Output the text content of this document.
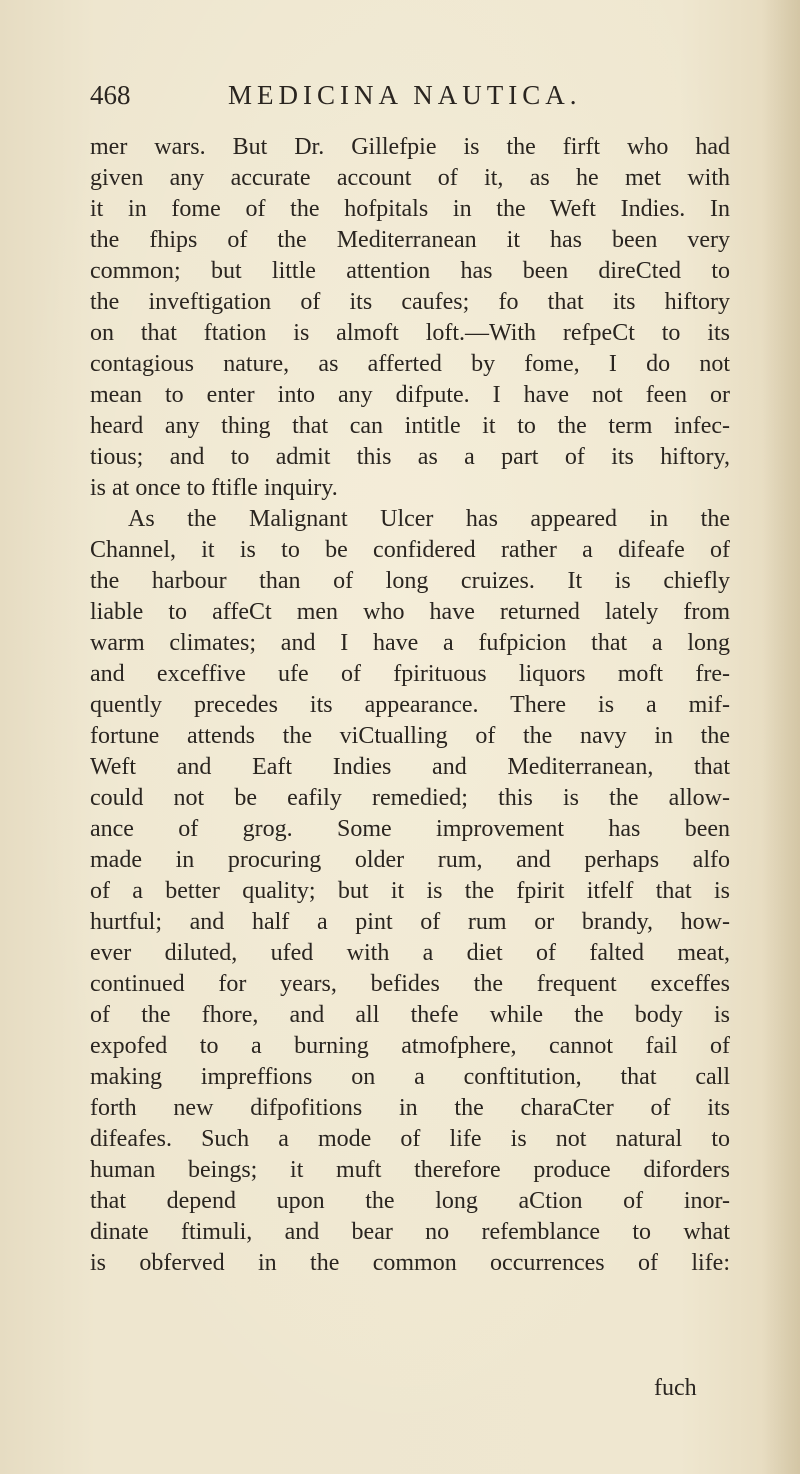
468	MEDICINA NAUTICA.
mer wars. But Dr. Gillefpie is the firft who had
given any accurate account of it, as he met with
it in fome of the hofpitals in the Weft Indies. In
the fhips of the Mediterranean it has been very
common; but little attention has been direCted to
the inveftigation of its caufes; fo that its hiftory
on that ftation is almoft loft.—With refpeCt to its
contagious nature, as afferted by fome, I do not
mean to enter into any difpute. I have not feen or
heard any thing that can intitle it to the term infec-
tious; and to admit this as a part of its hiftory,
is at once to ftifle inquiry.
As the Malignant Ulcer has appeared in the
Channel, it is to be confidered rather a difeafe of
the harbour than of long cruizes. It is chiefly
liable to affeCt men who have returned lately from
warm climates; and I have a fufpicion that a long
and exceffive ufe of fpirituous liquors moft fre-
quently precedes its appearance. There is a mif-
fortune attends the viCtualling of the navy in the
Weft and Eaft Indies and Mediterranean, that
could not be eafily remedied; this is the allow-
ance of grog. Some improvement has been
made in procuring older rum, and perhaps alfo
of a better quality; but it is the fpirit itfelf that is
hurtful; and half a pint of rum or brandy, how-
ever diluted, ufed with a diet of falted meat,
continued for years, befides the frequent exceffes
of the fhore, and all thefe while the body is
expofed to a burning atmofphere, cannot fail of
making impreffions on a conftitution, that call
forth new difpofitions in the charaCter of its
difeafes. Such a mode of life is not natural to
human beings; it muft therefore produce diforders
that depend upon the long aCtion of inor-
dinate ftimuli, and bear no refemblance to what
is obferved in the common occurrences of life:
fuch
